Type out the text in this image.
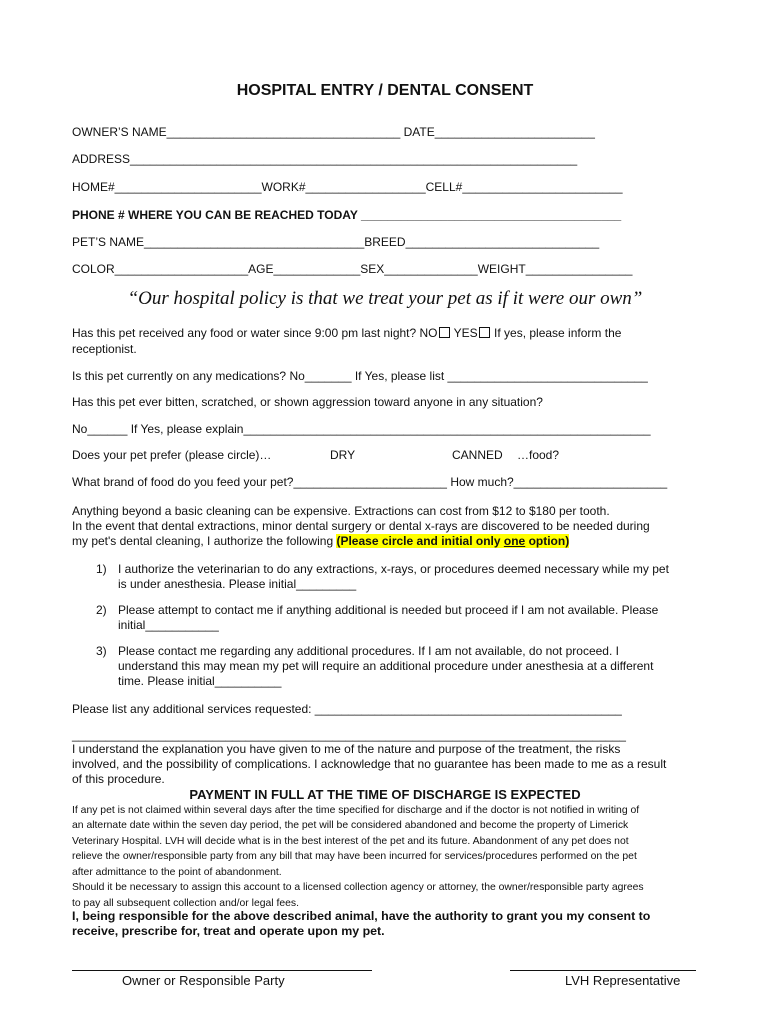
HOSPITAL ENTRY / DENTAL CONSENT
OWNER’S NAME___________________________________ DATE________________________
ADDRESS___________________________________________________________________
HOME#______________________WORK#__________________CELL#________________________
PHONE # WHERE YOU CAN BE REACHED TODAY _______________________________________
PET’S NAME_________________________________BREED_____________________________
COLOR____________________AGE_____________SEX______________WEIGHT________________
“Our hospital policy is that we treat your pet as if it were our own”
Has this pet received any food or water since 9:00 pm last night? NO YES If yes, please inform the
receptionist.
Is this pet currently on any medications? No_______ If Yes, please list ______________________________
Has this pet ever bitten, scratched, or shown aggression toward anyone in any situation?
No______ If Yes, please explain_____________________________________________________________
Does your pet prefer (please circle)…	DRY	CANNED …food?
What brand of food do you feed your pet?_______________________ How much?_______________________
Anything beyond a basic cleaning can be expensive. Extractions can cost from $12 to $180 per tooth.
In the event that dental extractions, minor dental surgery or dental x-rays are discovered to be needed during
my pet's dental cleaning, I authorize the following (Please circle and initial only one option)
1) I authorize the veterinarian to do any extractions, x-rays, or procedures deemed necessary while my pet
is under anesthesia. Please initial_________
2) Please attempt to contact me if anything additional is needed but proceed if I am not available. Please
initial___________
3) Please contact me regarding any additional procedures. If I am not available, do not proceed. I
understand this may mean my pet will require an additional procedure under anesthesia at a different
time. Please initial__________
Please list any additional services requested: ______________________________________________
___________________________________________________________________________________
I understand the explanation you have given to me of the nature and purpose of the treatment, the risks
involved, and the possibility of complications. I acknowledge that no guarantee has been made to me as a result
of this procedure.
PAYMENT IN FULL AT THE TIME OF DISCHARGE IS EXPECTED
If any pet is not claimed within several days after the time specified for discharge and if the doctor is not notified in writing of
an alternate date within the seven day period, the pet will be considered abandoned and become the property of Limerick
Veterinary Hospital. LVH will decide what is in the best interest of the pet and its future. Abandonment of any pet does not
relieve the owner/responsible party from any bill that may have been incurred for services/procedures performed on the pet
after admittance to the point of abandonment.
Should it be necessary to assign this account to a licensed collection agency or attorney, the owner/responsible party agrees
to pay all subsequent collection and/or legal fees.
I, being responsible for the above described animal, have the authority to grant you my consent to
receive, prescribe for, treat and operate upon my pet.
Owner or Responsible Party	LVH Representative
